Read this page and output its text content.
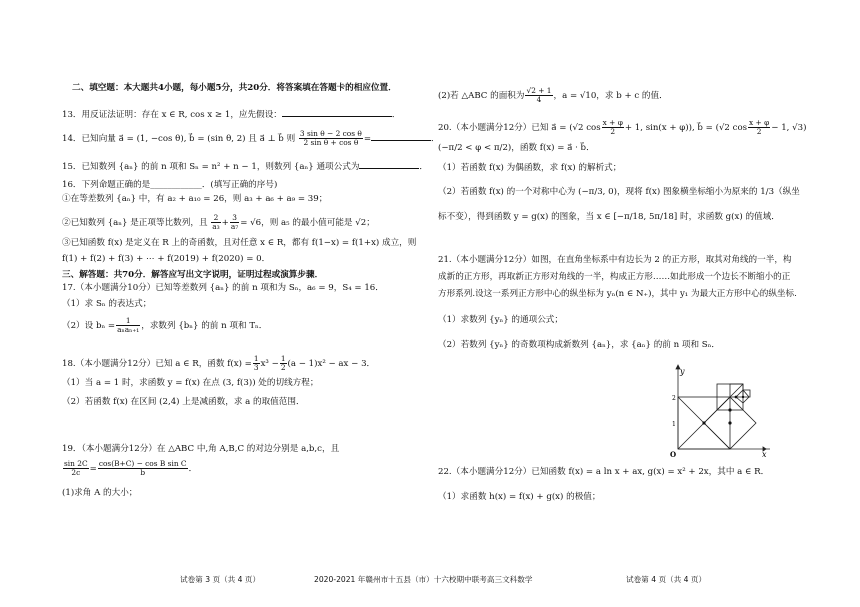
二、填空题：本大题共4小题，每小题5分，共20分．将答案填在答题卡的相应位置．
13．用反证法证明：存在 x ∈ R, cos x ≥ 1，应先假设：	．
14．已知向量 a⃗ = (1, −cos θ), b⃗ = (sin θ, 2) 且 a⃗ ⊥ b⃗ 则 $\frac{\text{3 sin θ − 2 cos θ}}{\text{2 sin θ + cos θ}}$ =	．
15．已知数列 {aₙ} 的前 n 项和 Sₙ = n² + n − 1，则数列 {aₙ} 通项公式为	．
16．下列命题正确的是____________．(填写正确的序号)
①在等差数列 {aₙ} 中，有 a₂ + a₁₀ = 26，则 a₃ + a₆ + a₉ = 39；
②已知数列 {aₙ} 是正项等比数列，且 $\frac{2}{\text{a₃}} + \frac{3}{\text{a₇}} = √6$，则 a₅ 的最小值可能是 √2；
③已知函数 f(x) 是定义在 R 上的奇函数，且对任意 x ∈ R，都有 f(1−x) = f(1+x) 成立，则
f(1) + f(2) + f(3) + ⋯ + f(2019) + f(2020) = 0．
三、解答题：共70分．解答应写出文字说明，证明过程或演算步骤．
17.（本小题满分10分）已知等差数列 {aₙ} 的前 n 项和为 Sₙ，a₆ = 9，S₄ = 16．
（1）求 Sₙ 的表达式；
（2）设 $b_n = \frac{1}{\text{aₙaₙ₊₁}}$ ，求数列 {bₙ} 的前 n 项和 Tₙ．
18.（本小题满分12分）已知 a ∈ R，函数 $f(x) = \frac{1}{3} x^3 - \frac{1}{2} (a - 1)x^2$ − ax − 3．
（1）当 a = 1 时，求函数 y = f(x) 在点 (3, f(3)) 处的切线方程；
（2）若函数 f(x) 在区间 (2,4) 上是减函数，求 a 的取值范围．
19．（本小题满分12分）在 △ABC 中,角 A,B,C 的对边分别是 a,b,c，且
$\frac{\sin 2C}{2c} = \frac{\text{cos(B+C) − cos B sin C}}{b}$ ．
(1)求角 A 的大小；
(2)若 △ABC 的面积为 $\frac{√2 + 1}{4}$ ，a = √10，求 b + c 的值．
20.（本小题满分12分）已知 a⃗ = (√2 $\cos \frac{x + \varphi}{2} + 1$, sin(x + φ)), b⃗ = (√2 $\cos \frac{x + \varphi}{2} - 1$, √3)
(−π/2 < φ < π/2)，函数 f(x) = a⃗ · b⃗．
（1）若函数 f(x) 为偶函数，求 f(x) 的解析式；
（2）若函数 f(x) 的一个对称中心为 (−π/3, 0)，现将 f(x) 图象横坐标缩小为原来的 1/3（纵坐
标不变），得到函数 y = g(x) 的图象，当 x ∈ [−π/18, 5π/18] 时，求函数 g(x) 的值域．
21.（本小题满分12分）如图，在直角坐标系中有边长为 2 的正方形，取其对角线的一半，构
成新的正方形，再取新正方形对角线的一半，构成正方形……如此形成一个边长不断缩小的正
方形系列.设这一系列正方形中心的纵坐标为 yₙ(n ∈ N₊)，其中 y₁ 为最大正方形中心的纵坐标.
（1）求数列 {yₙ} 的通项公式；
（2）若数列 {yₙ} 的奇数项构成新数列 {aₙ}，求 {aₙ} 的前 n 项和 Sₙ．
y
x
O
1
2
22.（本小题满分12分）已知函数 f(x) = a ln x + ax, g(x) = x² + 2x，其中 a ∈ R．
（1）求函数 h(x) = f(x) + g(x) 的极值；
试卷第 3 页（共 4 页）	2020-2021 年赣州市十五县（市）十六校期中联考高三文科数学	试卷第 4 页（共 4 页）
